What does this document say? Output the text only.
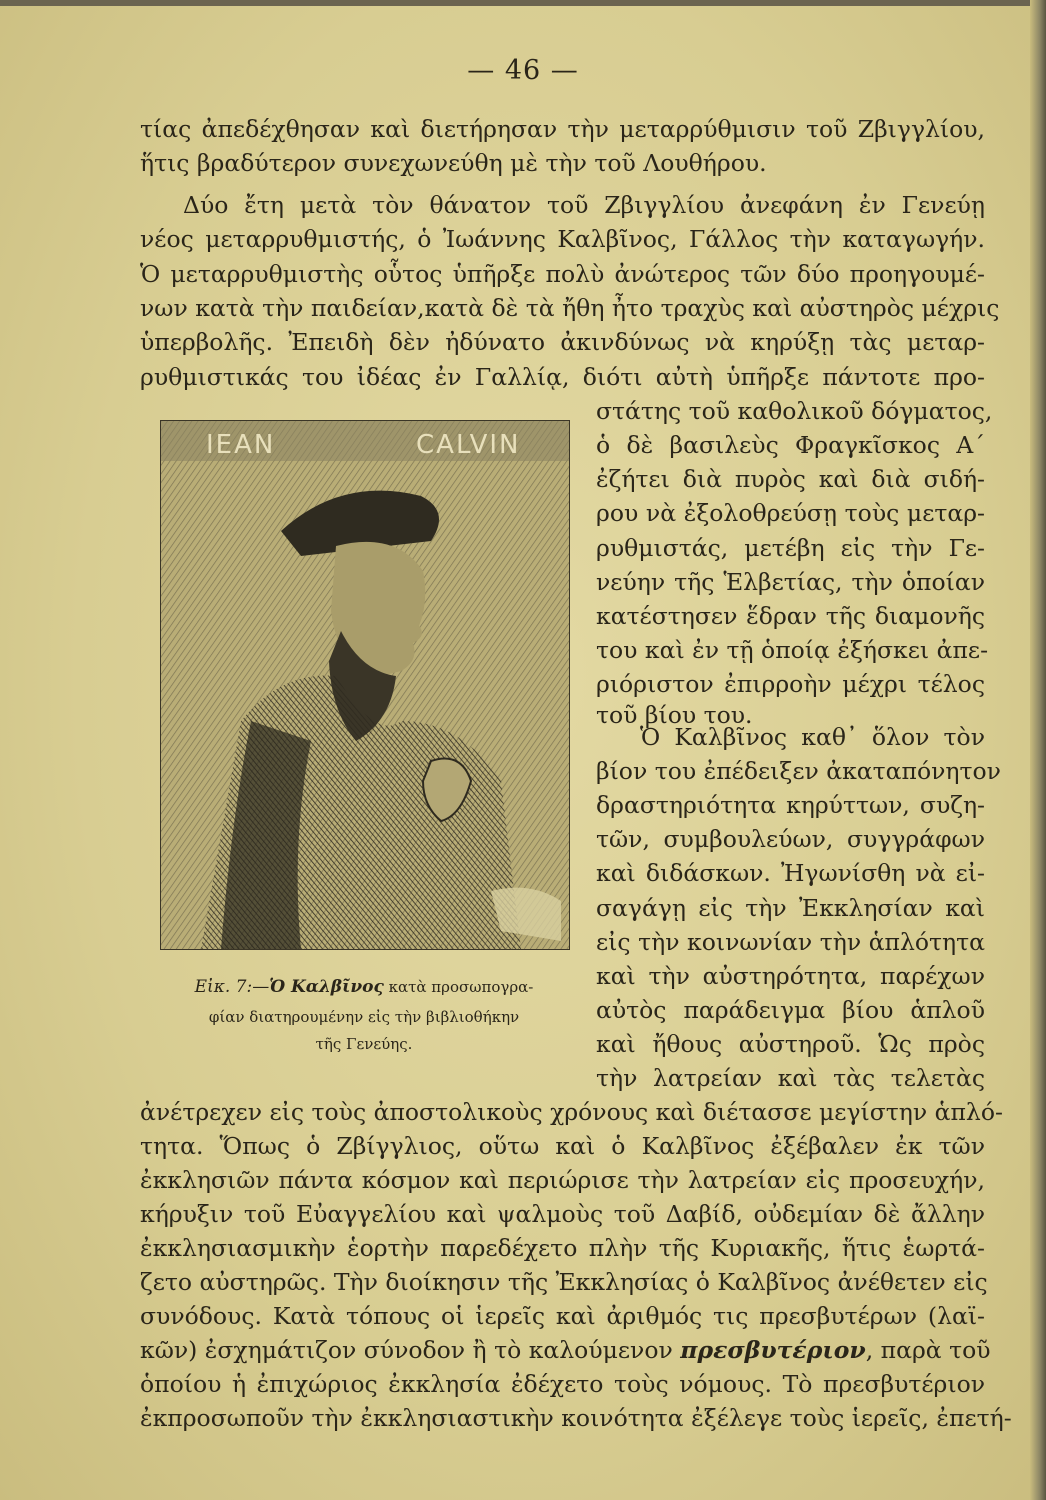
— 46 —
τίας ἀπεδέχθησαν καὶ διετήρησαν τὴν μεταρρύθμισιν τοῦ Ζβιγγλίου,
ἥτις βραδύτερον συνεχωνεύθη μὲ τὴν τοῦ Λουθήρου.
Δύο ἔτη μετὰ τὸν θάνατον τοῦ Ζβιγγλίου ἀνεφάνη ἐν Γενεύῃ
νέος μεταρρυθμιστής, ὁ Ἰωάννης Καλβῖνος, Γάλλος τὴν καταγωγήν.
Ὁ μεταρρυθμιστὴς οὗτος ὑπῆρξε πολὺ ἀνώτερος τῶν δύο προηγουμέ-
νων κατὰ τὴν παιδείαν,κατὰ δὲ τὰ ἤθη ἦτο τραχὺς καὶ αὐστηρὸς μέχρις
ὑπερβολῆς. Ἐπειδὴ δὲν ἠδύνατο ἀκινδύνως νὰ κηρύξῃ τὰς μεταρ-
ρυθμιστικάς του ἰδέας ἐν Γαλλίᾳ, διότι αὐτὴ ὑπῆρξε πάντοτε προ-
IEAN	CALVIN
Εἰκ. 7:—Ὁ Καλβῖνος κατὰ προσωπογρα-
φίαν διατηρουμένην εἰς τὴν βιβλιοθήκην
τῆς Γενεύης.
στάτης τοῦ καθολικοῦ δόγματος,
ὁ δὲ βασιλεὺς Φραγκῖσκος Α΄
ἐζήτει διὰ πυρὸς καὶ διὰ σιδή-
ρου νὰ ἐξολοθρεύσῃ τοὺς μεταρ-
ρυθμιστάς, μετέβη εἰς τὴν Γε-
νεύην τῆς Ἑλβετίας, τὴν ὁποίαν
κατέστησεν ἕδραν τῆς διαμονῆς
του καὶ ἐν τῇ ὁποίᾳ ἐξήσκει ἀπε-
ριόριστον ἐπιρροὴν μέχρι τέλος
τοῦ βίου του.
Ὁ Καλβῖνος καθ᾽ ὅλον τὸν
βίον του ἐπέδειξεν ἀκαταπόνητον
δραστηριότητα κηρύττων, συζη-
τῶν, συμβουλεύων, συγγράφων
καὶ διδάσκων. Ἠγωνίσθη νὰ εἰ-
σαγάγῃ εἰς τὴν Ἐκκλησίαν καὶ
εἰς τὴν κοινωνίαν τὴν ἁπλότητα
καὶ τὴν αὐστηρότητα, παρέχων
αὐτὸς παράδειγμα βίου ἁπλοῦ
καὶ ἤθους αὐστηροῦ. Ὡς πρὸς
τὴν λατρείαν καὶ τὰς τελετὰς
ἀνέτρεχεν εἰς τοὺς ἀποστολικοὺς χρόνους καὶ διέτασσε μεγίστην ἁπλό-
τητα. Ὅπως ὁ Ζβίγγλιος, οὕτω καὶ ὁ Καλβῖνος ἐξέβαλεν ἐκ τῶν
ἐκκλησιῶν πάντα κόσμον καὶ περιώρισε τὴν λατρείαν εἰς προσευχήν,
κήρυξιν τοῦ Εὐαγγελίου καὶ ψαλμοὺς τοῦ Δαβίδ, οὐδεμίαν δὲ ἄλλην
ἐκκλησιασμικὴν ἑορτὴν παρεδέχετο πλὴν τῆς Κυριακῆς, ἥτις ἑωρτά-
ζετο αὐστηρῶς. Τὴν διοίκησιν τῆς Ἐκκλησίας ὁ Καλβῖνος ἀνέθετεν εἰς
συνόδους. Κατὰ τόπους οἱ ἱερεῖς καὶ ἀριθμός τις πρεσβυτέρων (λαϊ-
κῶν) ἐσχημάτιζον σύνοδον ἢ τὸ καλούμενον πρεσβυτέριον, παρὰ τοῦ
ὁποίου ἡ ἐπιχώριος ἐκκλησία ἐδέχετο τοὺς νόμους. Τὸ πρεσβυτέριον
ἐκπροσωποῦν τὴν ἐκκλησιαστικὴν κοινότητα ἐξέλεγε τοὺς ἱερεῖς, ἐπετή-
